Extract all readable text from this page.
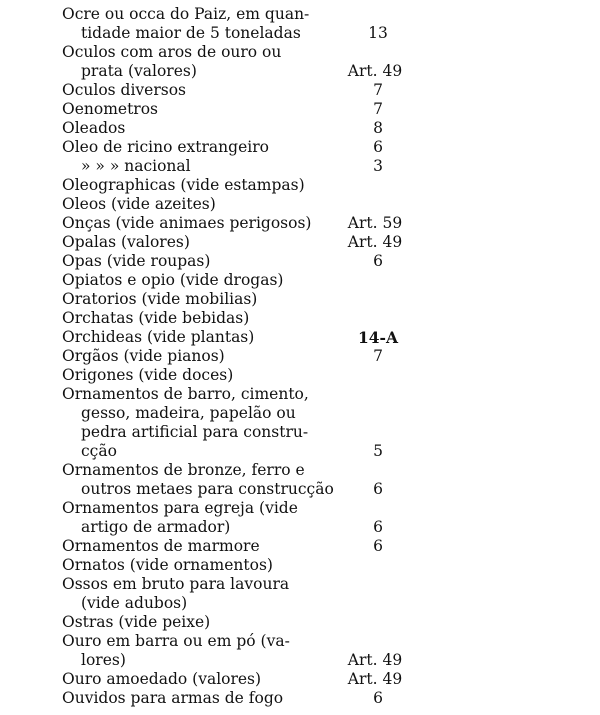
Ocre ou occa do Paiz, em quan-
tidade maior de 5 toneladas	13
Oculos com aros de ouro ou
prata (valores)	Art. 49
Oculos diversos	7
Oenometros	7
Oleados	8
Oleo de ricino extrangeiro	6
» » » nacional	3
Oleographicas (vide estampas)
Oleos (vide azeites)
Onças (vide animaes perigosos)	Art. 59
Opalas (valores)	Art. 49
Opas (vide roupas)	6
Opiatos e opio (vide drogas)
Oratorios (vide mobilias)
Orchatas (vide bebidas)
Orchideas (vide plantas)	14-A
Orgãos (vide pianos)	7
Origones (vide doces)
Ornamentos de barro, cimento,
gesso, madeira, papelão ou
pedra artificial para constru-
cção	5
Ornamentos de bronze, ferro e
outros metaes para construcção	6
Ornamentos para egreja (vide
artigo de armador)	6
Ornamentos de marmore	6
Ornatos (vide ornamentos)
Ossos em bruto para lavoura
(vide adubos)
Ostras (vide peixe)
Ouro em barra ou em pó (va-
lores)	Art. 49
Ouro amoedado (valores)	Art. 49
Ouvidos para armas de fogo	6
